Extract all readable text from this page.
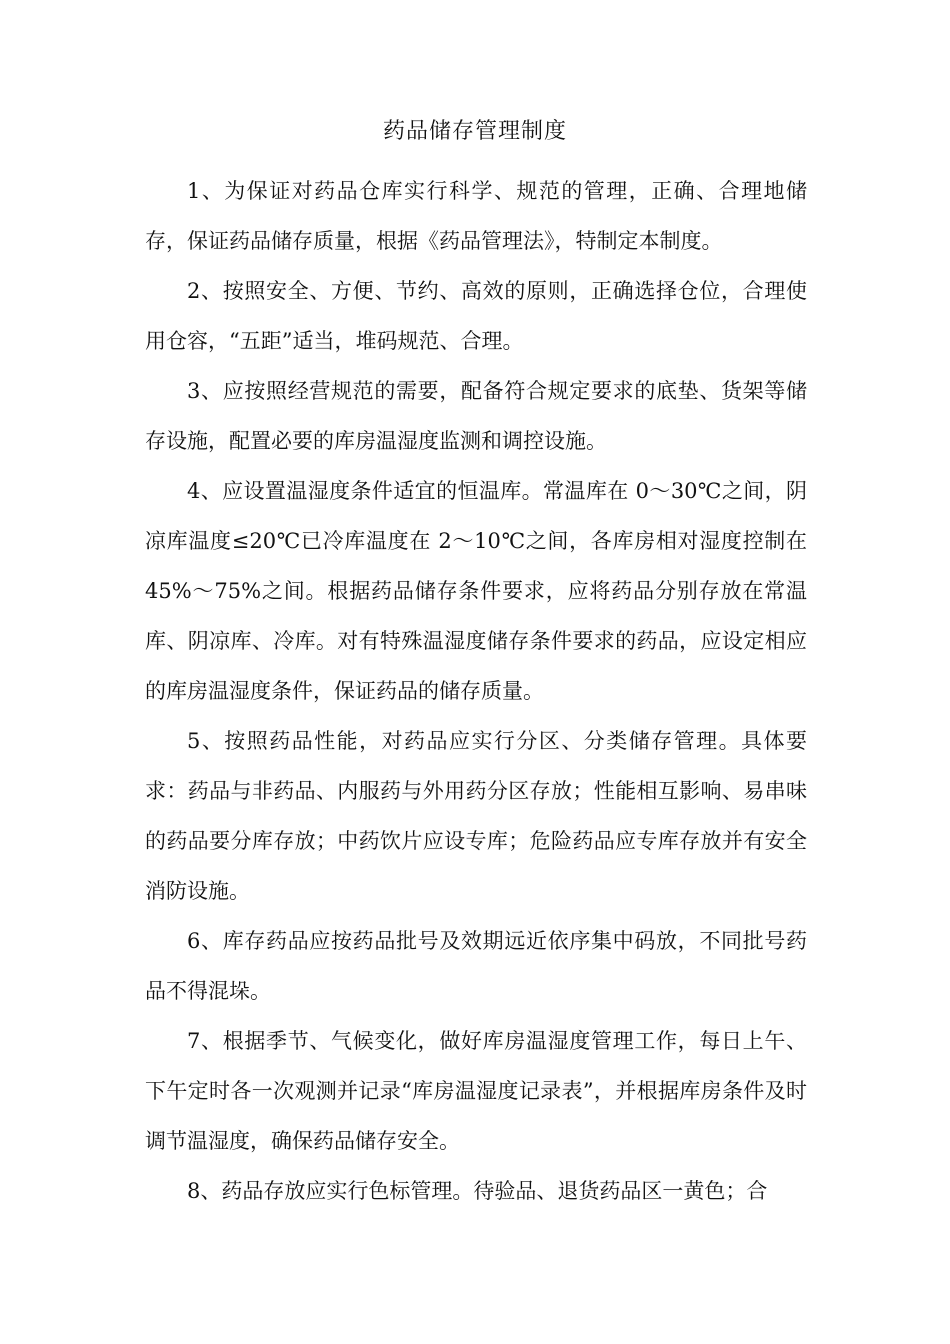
药品储存管理制度

1、为保证对药品仓库实行科学、规范的管理，正确、合理地储存，保证药品储存质量，根据《药品管理法》，特制定本制度。

2、按照安全、方便、节约、高效的原则，正确选择仓位，合理使用仓容，“五距”适当，堆码规范、合理。

3、应按照经营规范的需要，配备符合规定要求的底垫、货架等储存设施，配置必要的库房温湿度监测和调控设施。

4、应设置温湿度条件适宜的恒温库。常温库在 0～30℃之间，阴凉库温度≤20℃已冷库温度在 2～10℃之间，各库房相对湿度控制在 45%～75%之间。根据药品储存条件要求，应将药品分别存放在常温库、阴凉库、冷库。对有特殊温湿度储存条件要求的药品，应设定相应的库房温湿度条件，保证药品的储存质量。

5、按照药品性能，对药品应实行分区、分类储存管理。具体要求：药品与非药品、内服药与外用药分区存放；性能相互影响、易串味的药品要分库存放；中药饮片应设专库；危险药品应专库存放并有安全消防设施。

6、库存药品应按药品批号及效期远近依序集中码放，不同批号药品不得混垛。

7、根据季节、气候变化，做好库房温湿度管理工作，每日上午、下午定时各一次观测并记录“库房温湿度记录表”，并根据库房条件及时调节温湿度，确保药品储存安全。

8、药品存放应实行色标管理。待验品、退货药品区一黄色；合
